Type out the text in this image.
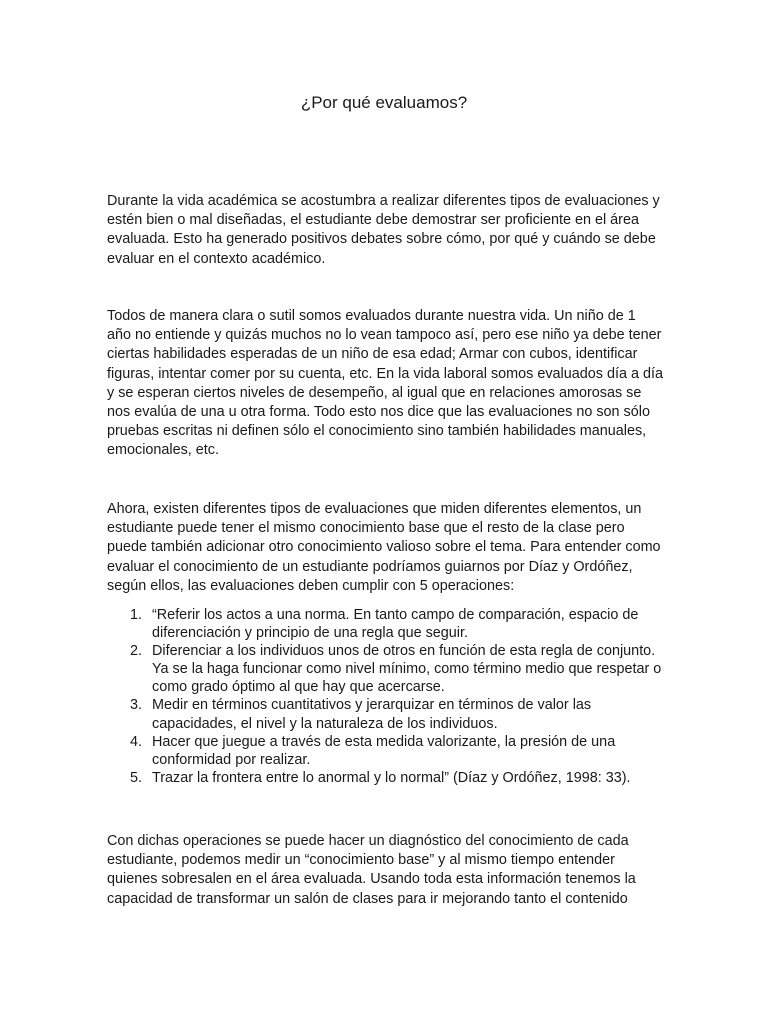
¿Por qué evaluamos?

Durante la vida académica se acostumbra a realizar diferentes tipos de evaluaciones y estén bien o mal diseñadas, el estudiante debe demostrar ser proficiente en el área evaluada. Esto ha generado positivos debates sobre cómo, por qué y cuándo se debe evaluar en el contexto académico.

Todos de manera clara o sutil somos evaluados durante nuestra vida. Un niño de 1 año no entiende y quizás muchos no lo vean tampoco así, pero ese niño ya debe tener ciertas habilidades esperadas de un niño de esa edad; Armar con cubos, identificar figuras, intentar comer por su cuenta, etc. En la vida laboral somos evaluados día a día y se esperan ciertos niveles de desempeño, al igual que en relaciones amorosas se nos evalúa de una u otra forma. Todo esto nos dice que las evaluaciones no son sólo pruebas escritas ni definen sólo el conocimiento sino también habilidades manuales, emocionales, etc.

Ahora, existen diferentes tipos de evaluaciones que miden diferentes elementos, un estudiante puede tener el mismo conocimiento base que el resto de la clase pero puede también adicionar otro conocimiento valioso sobre el tema. Para entender como evaluar el conocimiento de un estudiante podríamos guiarnos por Díaz y Ordóñez, según ellos, las evaluaciones deben cumplir con 5 operaciones:

1. “Referir los actos a una norma. En tanto campo de comparación, espacio de diferenciación y principio de una regla que seguir.
2. Diferenciar a los individuos unos de otros en función de esta regla de conjunto. Ya se la haga funcionar como nivel mínimo, como término medio que respetar o como grado óptimo al que hay que acercarse.
3. Medir en términos cuantitativos y jerarquizar en términos de valor las capacidades, el nivel y la naturaleza de los individuos.
4. Hacer que juegue a través de esta medida valorizante, la presión de una conformidad por realizar.
5. Trazar la frontera entre lo anormal y lo normal” (Díaz y Ordóñez, 1998: 33).

Con dichas operaciones se puede hacer un diagnóstico del conocimiento de cada estudiante, podemos medir un “conocimiento base” y al mismo tiempo entender quienes sobresalen en el área evaluada. Usando toda esta información tenemos la capacidad de transformar un salón de clases para ir mejorando tanto el contenido
